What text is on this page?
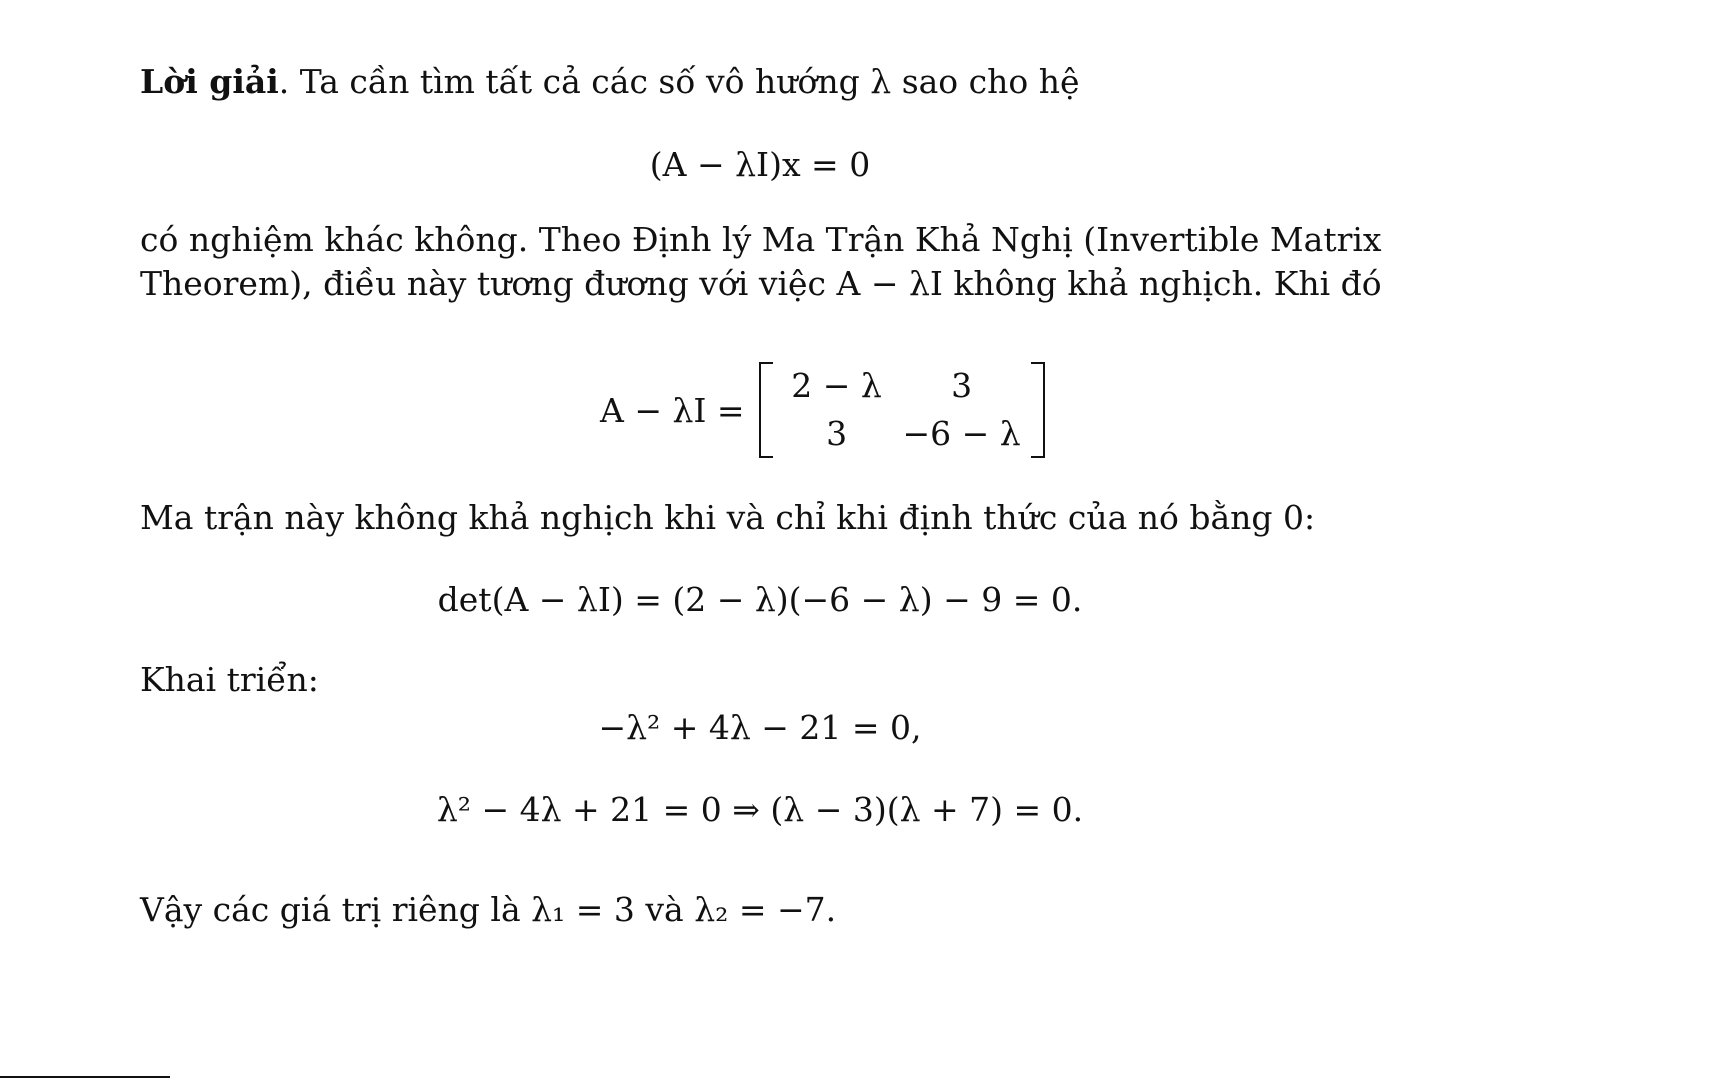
Lời giải. Ta cần tìm tất cả các số vô hướng λ sao cho hệ
(A − λI)x = 0
có nghiệm khác không. Theo Định lý Ma Trận Khả Nghị (Invertible Matrix
Theorem), điều này tương đương với việc A − λI không khả nghịch. Khi đó
A − λI =
2 − λ	3
3	−6 − λ
Ma trận này không khả nghịch khi và chỉ khi định thức của nó bằng 0:
det(A − λI) = (2 − λ)(−6 − λ) − 9 = 0.
Khai triển:
−λ² + 4λ − 21 = 0,
λ² − 4λ + 21 = 0 ⇒ (λ − 3)(λ + 7) = 0.
Vậy các giá trị riêng là λ₁ = 3 và λ₂ = −7.
